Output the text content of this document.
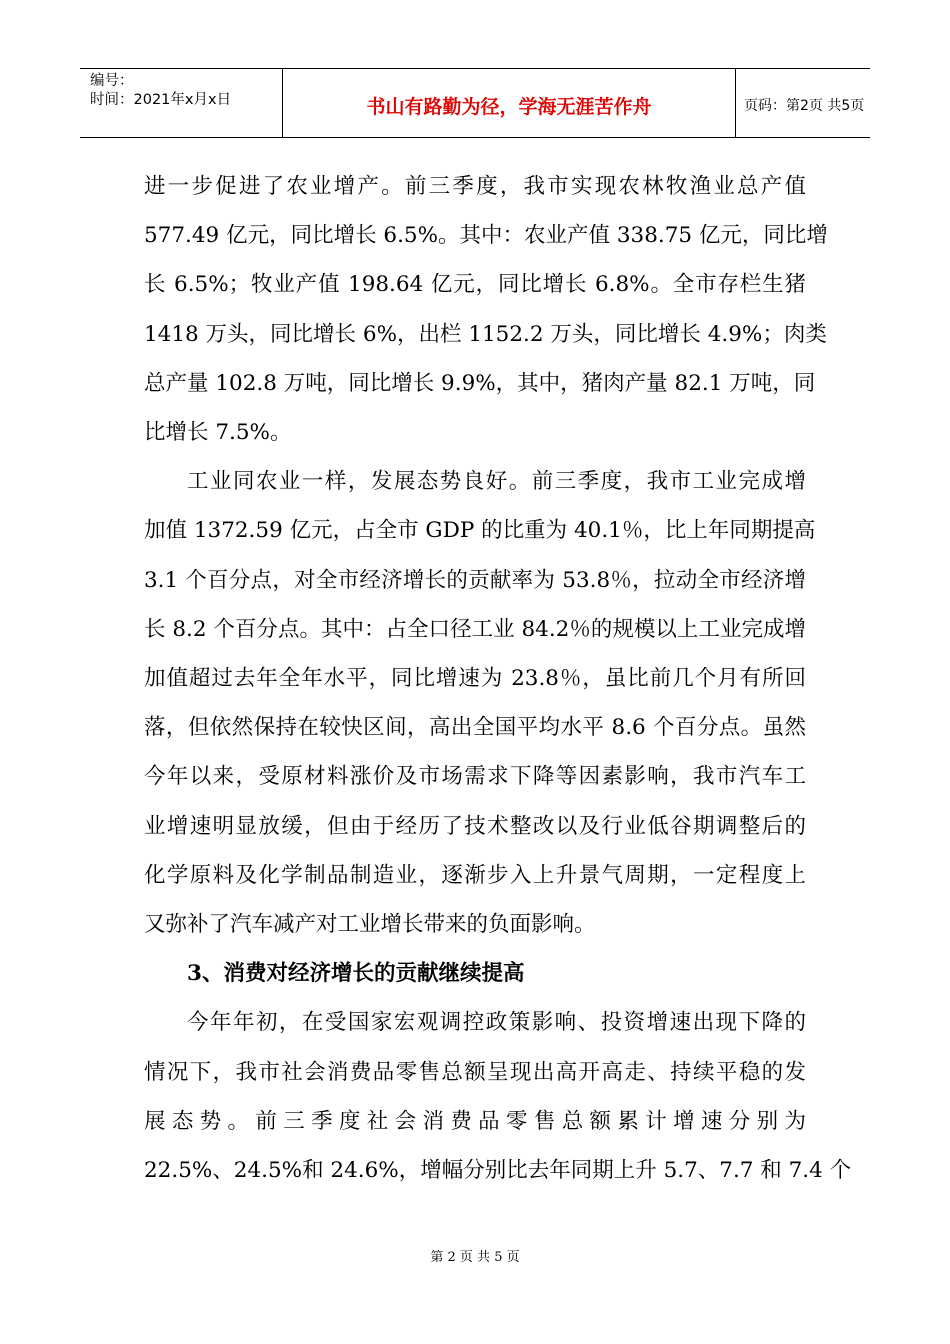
编号：
时间：2021年x月x日	书山有路勤为径，学海无涯苦作舟	页码：第2页 共5页

进一步促进了农业增产。前三季度，我市实现农林牧渔业总产值
577.49 亿元，同比增长 6.5%。其中：农业产值 338.75 亿元，同比增
长 6.5%；牧业产值 198.64 亿元，同比增长 6.8%。全市存栏生猪
1418 万头，同比增长 6%，出栏 1152.2 万头，同比增长 4.9%；肉类
总产量 102.8 万吨，同比增长 9.9%，其中，猪肉产量 82.1 万吨，同
比增长 7.5%。

工业同农业一样，发展态势良好。前三季度，我市工业完成增
加值 1372.59 亿元，占全市 GDP 的比重为 40.1％，比上年同期提高
3.1 个百分点，对全市经济增长的贡献率为 53.8％，拉动全市经济增
长 8.2 个百分点。其中：占全口径工业 84.2％的规模以上工业完成增
加值超过去年全年水平，同比增速为 23.8％，虽比前几个月有所回
落，但依然保持在较快区间，高出全国平均水平 8.6 个百分点。虽然
今年以来，受原材料涨价及市场需求下降等因素影响，我市汽车工
业增速明显放缓，但由于经历了技术整改以及行业低谷期调整后的
化学原料及化学制品制造业，逐渐步入上升景气周期，一定程度上
又弥补了汽车减产对工业增长带来的负面影响。

3、消费对经济增长的贡献继续提高

今年年初，在受国家宏观调控政策影响、投资增速出现下降的
情况下，我市社会消费品零售总额呈现出高开高走、持续平稳的发
展态势。前三季度社会消费品零售总额累计增速分别为
22.5%、24.5%和 24.6%，增幅分别比去年同期上升 5.7、7.7 和 7.4 个

第 2 页 共 5 页
